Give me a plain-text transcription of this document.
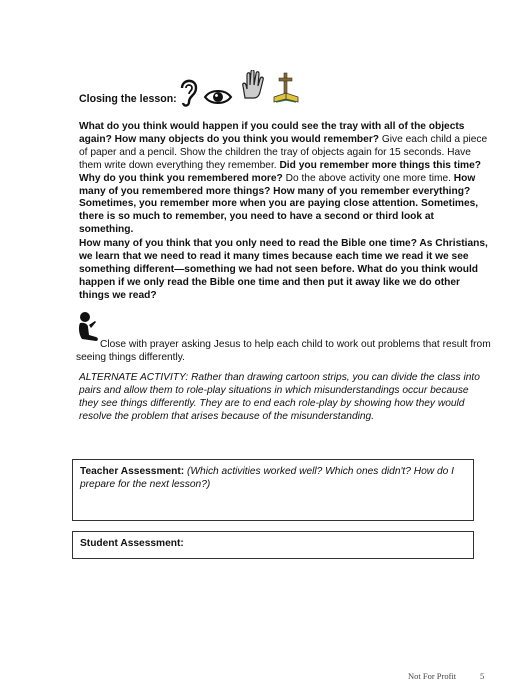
Closing the lesson:

What do you think would happen if you could see the tray with all of the objects again? How many objects do you think you would remember? Give each child a piece of paper and a pencil. Show the children the tray of objects again for 15 seconds. Have them write down everything they remember. Did you remember more things this time? Why do you think you remembered more? Do the above activity one more time. How many of you remembered more things? How many of you remember everything? Sometimes, you remember more when you are paying close attention. Sometimes, there is so much to remember, you need to have a second or third look at something.

How many of you think that you only need to read the Bible one time? As Christians, we learn that we need to read it many times because each time we read it we see something different—something we had not seen before. What do you think would happen if we only read the Bible one time and then put it away like we do other things we read?

Close with prayer asking Jesus to help each child to work out problems that result from seeing things differently.

ALTERNATE ACTIVITY: Rather than drawing cartoon strips, you can divide the class into pairs and allow them to role-play situations in which misunderstandings occur because they see things differently. They are to end each role-play by showing how they would resolve the problem that arises because of the misunderstanding.

Teacher Assessment: (Which activities worked well? Which ones didn't? How do I prepare for the next lesson?)
Student Assessment:
Not For Profit	5
